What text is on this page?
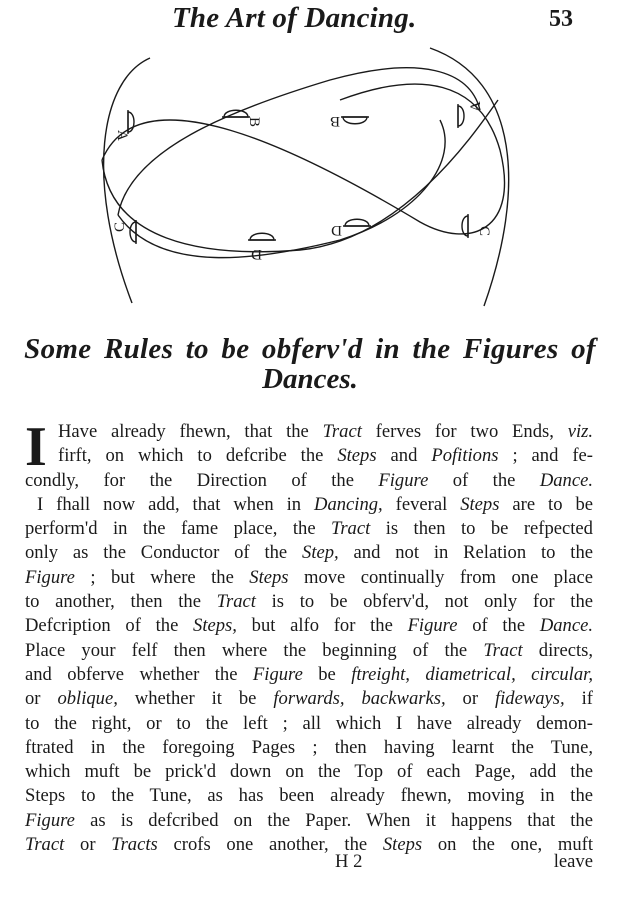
The Art of Dancing.	53
A
B
C
D
A
B
C
D
Some Rules to be obferv'd in the Figures of
Dances.
I Have already fhewn, that the Tract ferves for two Ends, viz.
firft, on which to defcribe the Steps and Pofitions ; and fe-
condly, for the Direction of the Figure of the Dance.
I fhall now add, that when in Dancing, feveral Steps are to be
perform'd in the fame place, the Tract is then to be refpected
only as the Conductor of the Step, and not in Relation to the
Figure ; but where the Steps move continually from one place
to another, then the Tract is to be obferv'd, not only for the
Defcription of the Steps, but alfo for the Figure of the Dance.
Place your felf then where the beginning of the Tract directs,
and obferve whether the Figure be ftreight, diametrical, circular,
or oblique, whether it be forwards, backwarks, or fideways, if
to the right, or to the left ; all which I have already demon-
ftrated in the foregoing Pages ; then having learnt the Tune,
which muft be prick'd down on the Top of each Page, add the
Steps to the Tune, as has been already fhewn, moving in the
Figure as is defcribed on the Paper. When it happens that the
Tract or Tracts crofs one another, the Steps on the one, muft
H 2	leave
